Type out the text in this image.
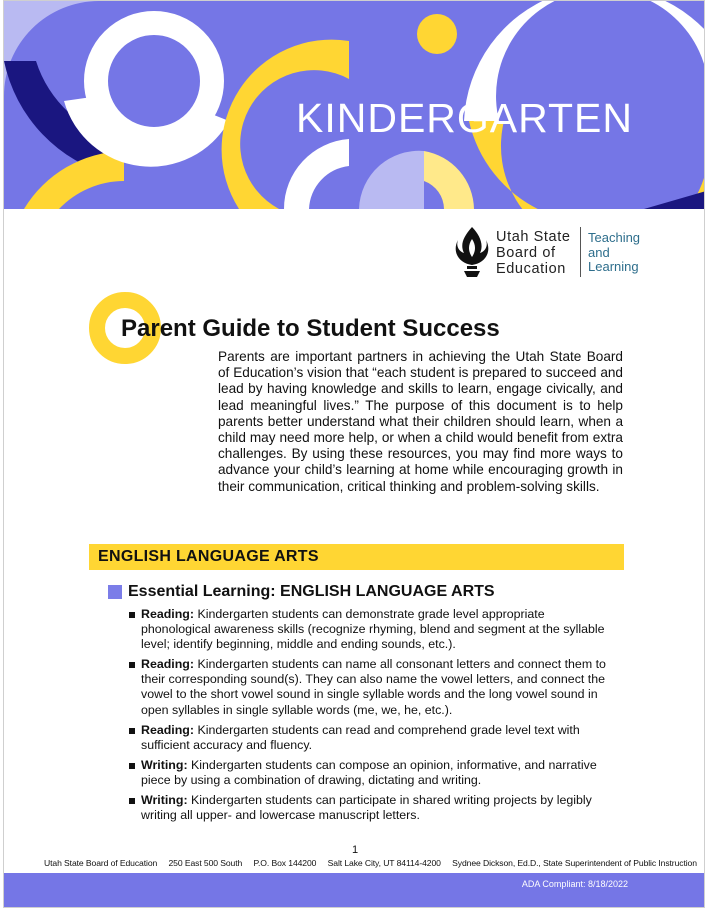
KINDERGARTEN
Utah State
Board of
Education
Teaching
and
Learning
Parent Guide to Student Success

Parents are important partners in achieving the Utah State Board of Education’s vision that “each student is prepared to succeed and lead by having knowledge and skills to learn, engage civically, and lead meaningful lives.” The purpose of this document is to help parents better understand what their children should learn, when a child may need more help, or when a child would benefit from extra challenges. By using these resources, you may find more ways to advance your child’s learning at home while encouraging growth in their communication, critical thinking and problem-solving skills.

ENGLISH LANGUAGE ARTS
Essential Learning: ENGLISH LANGUAGE ARTS
Reading: Kindergarten students can demonstrate grade level appropriate phonological awareness skills (recognize rhyming, blend and segment at the syllable level; identify beginning, middle and ending sounds, etc.).
Reading: Kindergarten students can name all consonant letters and connect them to their corresponding sound(s). They can also name the vowel letters, and connect the vowel to the short vowel sound in single syllable words and the long vowel sound in open syllables in single syllable words (me, we, he, etc.).
Reading: Kindergarten students can read and comprehend grade level text with sufficient accuracy and fluency.
Writing: Kindergarten students can compose an opinion, informative, and narrative piece by using a combination of drawing, dictating and writing.
Writing: Kindergarten students can participate in shared writing projects by legibly writing all upper- and lowercase manuscript letters.
1
Utah State Board of Education 250 East 500 South P.O. Box 144200 Salt Lake City, UT 84114-4200 Sydnee Dickson, Ed.D., State Superintendent of Public Instruction
ADA Compliant: 8/18/2022
